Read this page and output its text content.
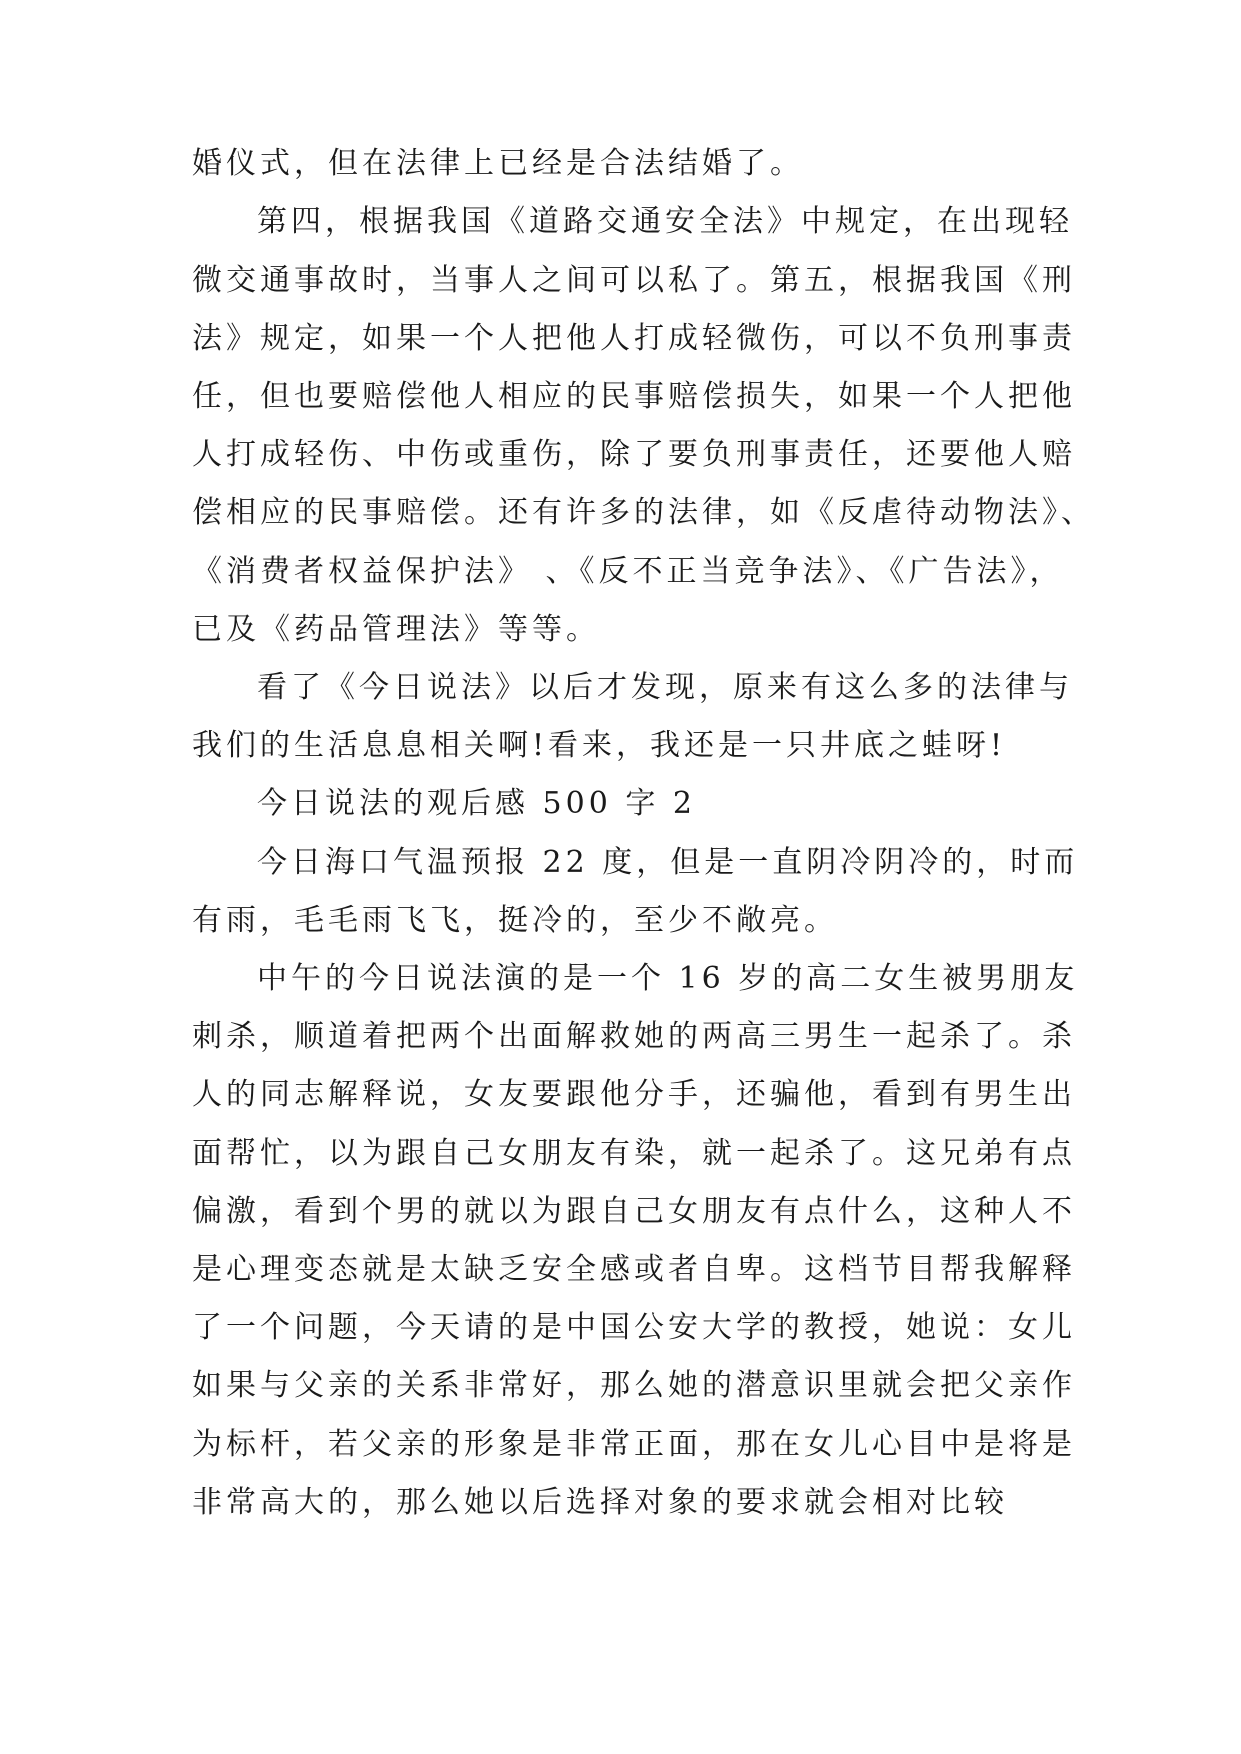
婚仪式，但在法律上已经是合法结婚了。
第四，根据我国《道路交通安全法》中规定，在出现轻
微交通事故时，当事人之间可以私了。第五，根据我国《刑
法》规定，如果一个人把他人打成轻微伤，可以不负刑事责
任，但也要赔偿他人相应的民事赔偿损失，如果一个人把他
人打成轻伤、中伤或重伤，除了要负刑事责任，还要他人赔
偿相应的民事赔偿。还有许多的法律，如《反虐待动物法》、
《消费者权益保护法》 、《反不正当竞争法》、《广告法》，
已及《药品管理法》等等。
看了《今日说法》以后才发现，原来有这么多的法律与
我们的生活息息相关啊!看来，我还是一只井底之蛙呀!
今日说法的观后感 500 字 2
今日海口气温预报 22 度，但是一直阴冷阴冷的，时而
有雨，毛毛雨飞飞，挺冷的，至少不敞亮。
中午的今日说法演的是一个 16 岁的高二女生被男朋友
刺杀，顺道着把两个出面解救她的两高三男生一起杀了。杀
人的同志解释说，女友要跟他分手，还骗他，看到有男生出
面帮忙，以为跟自己女朋友有染，就一起杀了。这兄弟有点
偏激，看到个男的就以为跟自己女朋友有点什么，这种人不
是心理变态就是太缺乏安全感或者自卑。这档节目帮我解释
了一个问题，今天请的是中国公安大学的教授，她说：女儿
如果与父亲的关系非常好，那么她的潜意识里就会把父亲作
为标杆，若父亲的形象是非常正面，那在女儿心目中是将是
非常高大的，那么她以后选择对象的要求就会相对比较
